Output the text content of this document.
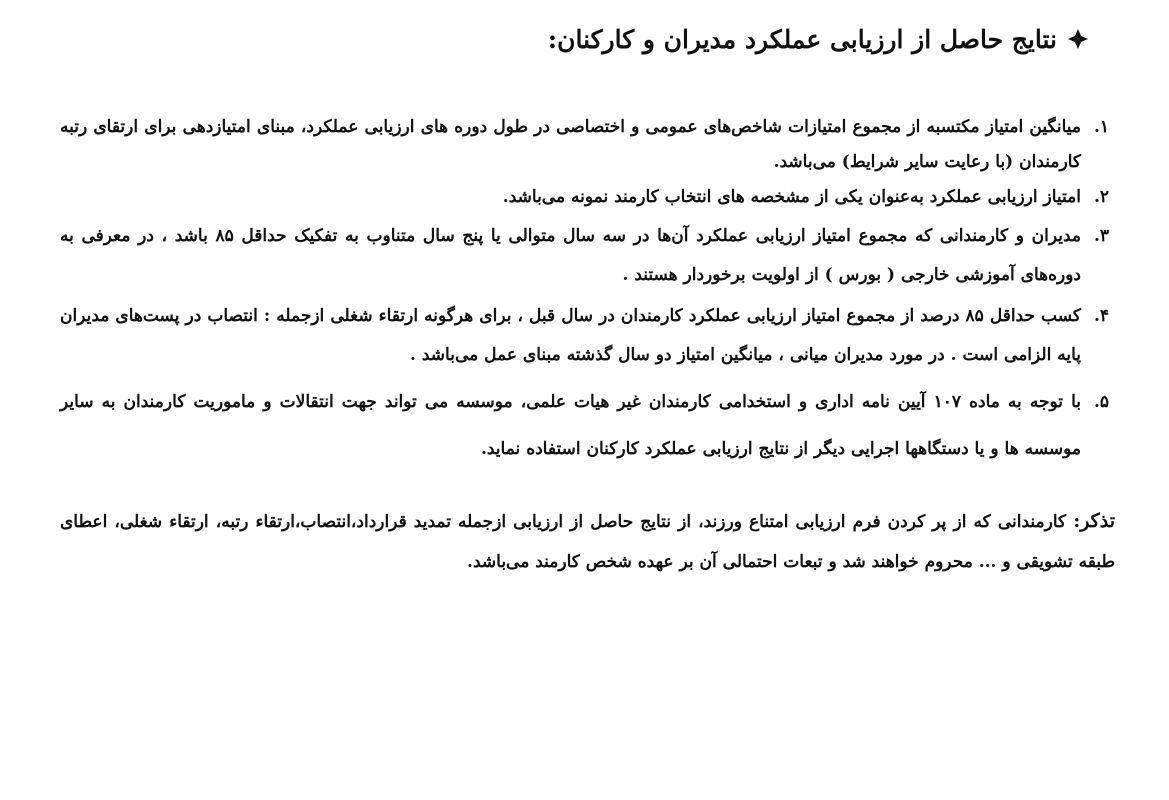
نتایج حاصل از ارزیابی عملکرد مدیران و کارکنان:
۱.
میانگین امتیاز مکتسبه از مجموع امتیازات شاخص‌های عمومی و اختصاصی در طول دوره های ارزیابی عملکرد، مبنای امتیازدهی برای ارتقای رتبه کارمندان (با رعایت سایر شرایط) می‌باشد.
۲.
امتیاز ارزیابی عملکرد به‌عنوان یکی از مشخصه های انتخاب کارمند نمونه می‌باشد.
۳.
مدیران و کارمندانی که مجموع امتیاز ارزیابی عملکرد آن‌ها در سه سال متوالی یا پنج سال متناوب به تفکیک حداقل ۸۵ باشد ، در معرفی به دوره‌های آموزشی خارجی ( بورس ) از اولویت برخوردار هستند .
۴.
کسب حداقل ۸۵ درصد از مجموع امتیاز ارزیابی عملکرد کارمندان در سال قبل ، برای هرگونه ارتقاء شغلی ازجمله : انتصاب در پست‌های مدیران پایه الزامی است . در مورد مدیران میانی ، میانگین امتیاز دو سال گذشته مبنای عمل می‌باشد .
۵.
با توجه به ماده ۱۰۷ آیین نامه اداری و استخدامی کارمندان غیر هیات علمی، موسسه می تواند جهت انتقالات و ماموریت کارمندان به سایر موسسه ها و یا دستگاهها اجرایی دیگر از نتایج ارزیابی عملکرد کارکنان استفاده نماید.

تذکر: کارمندانی که از پر کردن فرم ارزیابی امتناع ورزند، از نتایج حاصل از ارزیابی ازجمله تمدید قرارداد،انتصاب،ارتقاء رتبه، ارتقاء شغلی، اعطای طبقه تشویقی و ... محروم خواهند شد و تبعات احتمالی آن بر عهده شخص کارمند می‌باشد.
